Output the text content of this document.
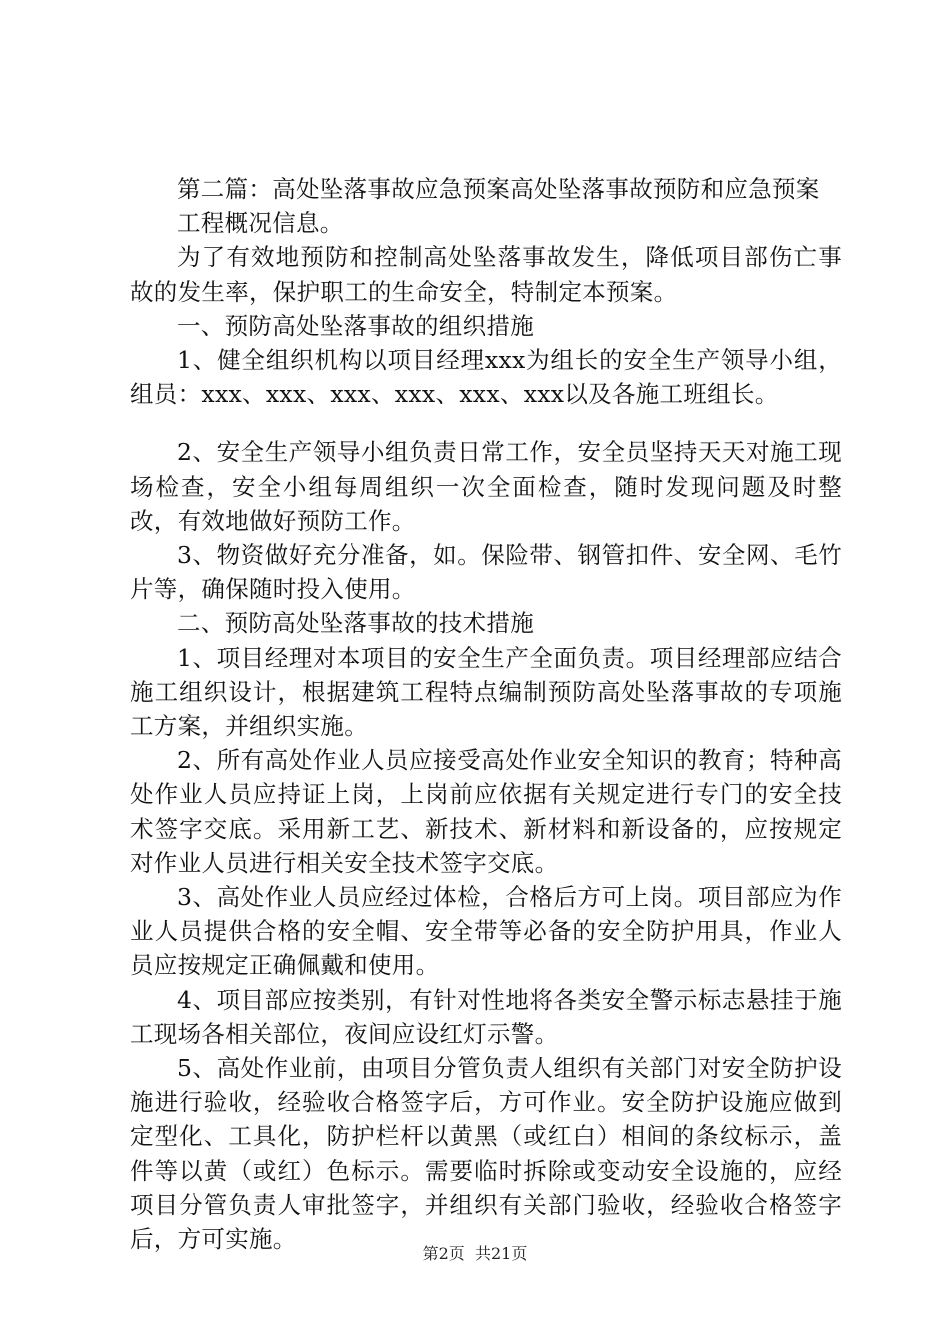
第二篇：高处坠落事故应急预案高处坠落事故预防和应急预案

工程概况信息。

为了有效地预防和控制高处坠落事故发生，降低项目部伤亡事故的发生率，保护职工的生命安全，特制定本预案。

一、预防高处坠落事故的组织措施

1、健全组织机构以项目经理xxx为组长的安全生产领导小组，组员：xxx、xxx、xxx、xxx、xxx、xxx以及各施工班组长。

2、安全生产领导小组负责日常工作，安全员坚持天天对施工现场检查，安全小组每周组织一次全面检查，随时发现问题及时整改，有效地做好预防工作。

3、物资做好充分准备，如。保险带、钢管扣件、安全网、毛竹片等，确保随时投入使用。

二、预防高处坠落事故的技术措施

1、项目经理对本项目的安全生产全面负责。项目经理部应结合施工组织设计，根据建筑工程特点编制预防高处坠落事故的专项施工方案，并组织实施。

2、所有高处作业人员应接受高处作业安全知识的教育；特种高处作业人员应持证上岗，上岗前应依据有关规定进行专门的安全技术签字交底。采用新工艺、新技术、新材料和新设备的，应按规定对作业人员进行相关安全技术签字交底。

3、高处作业人员应经过体检，合格后方可上岗。项目部应为作业人员提供合格的安全帽、安全带等必备的安全防护用具，作业人员应按规定正确佩戴和使用。

4、项目部应按类别，有针对性地将各类安全警示标志悬挂于施工现场各相关部位，夜间应设红灯示警。

5、高处作业前，由项目分管负责人组织有关部门对安全防护设施进行验收，经验收合格签字后，方可作业。安全防护设施应做到定型化、工具化，防护栏杆以黄黑（或红白）相间的条纹标示，盖件等以黄（或红）色标示。需要临时拆除或变动安全设施的，应经项目分管负责人审批签字，并组织有关部门验收，经验收合格签字后，方可实施。

第2页 共21页
